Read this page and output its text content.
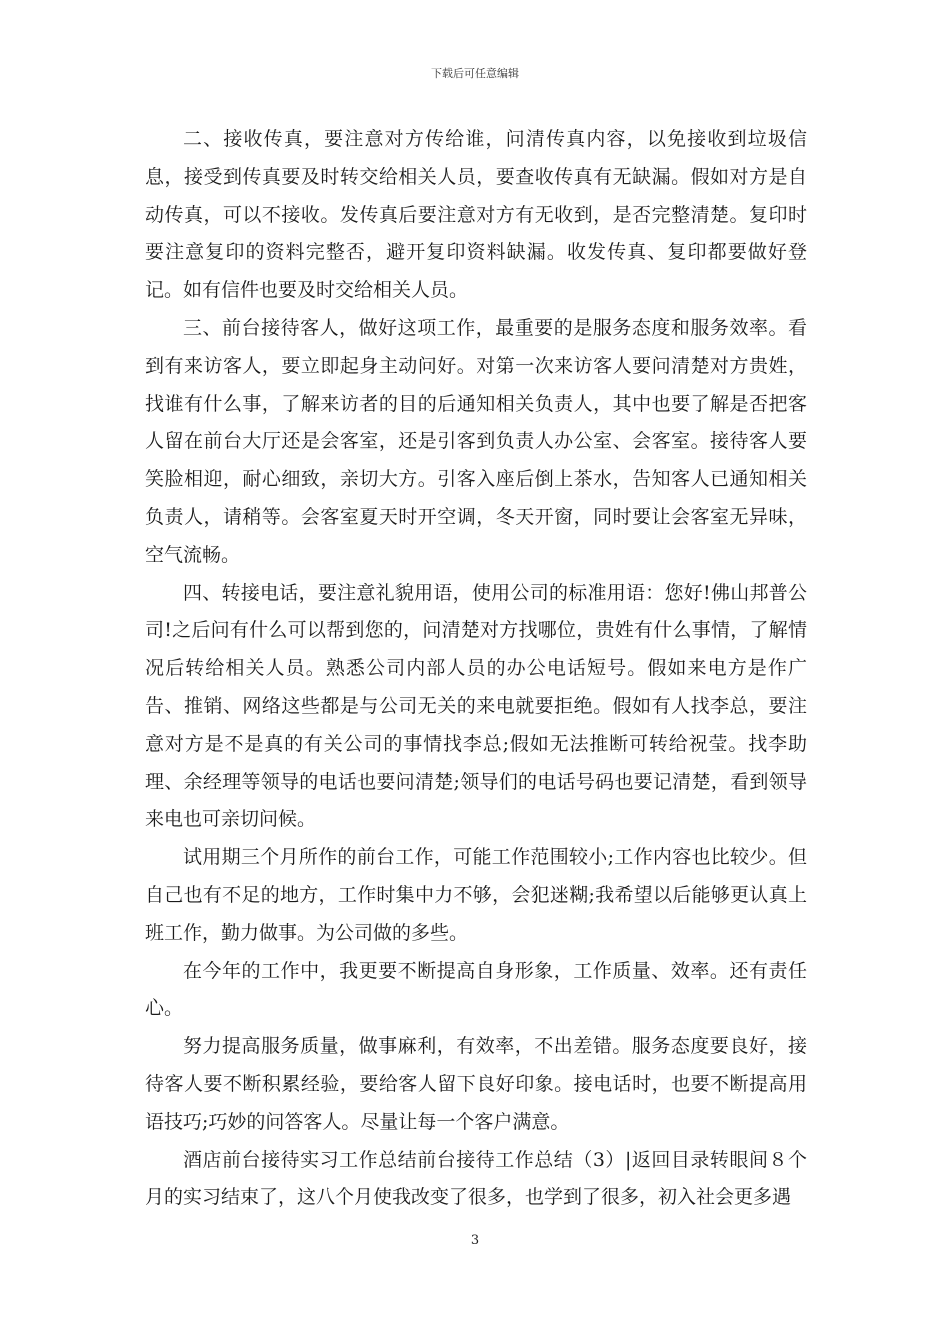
下载后可任意编辑

二、接收传真，要注意对方传给谁，问清传真内容，以免接收到垃圾信息，接受到传真要及时转交给相关人员，要查收传真有无缺漏。假如对方是自动传真，可以不接收。发传真后要注意对方有无收到，是否完整清楚。复印时要注意复印的资料完整否，避开复印资料缺漏。收发传真、复印都要做好登记。如有信件也要及时交给相关人员。

三、前台接待客人，做好这项工作，最重要的是服务态度和服务效率。看到有来访客人，要立即起身主动问好。对第一次来访客人要问清楚对方贵姓，找谁有什么事，了解来访者的目的后通知相关负责人，其中也要了解是否把客人留在前台大厅还是会客室，还是引客到负责人办公室、会客室。接待客人要笑脸相迎，耐心细致，亲切大方。引客入座后倒上茶水，告知客人已通知相关负责人，请稍等。会客室夏天时开空调，冬天开窗，同时要让会客室无异味，空气流畅。

四、转接电话，要注意礼貌用语，使用公司的标准用语：您好!佛山邦普公司!之后问有什么可以帮到您的，问清楚对方找哪位，贵姓有什么事情，了解情况后转给相关人员。熟悉公司内部人员的办公电话短号。假如来电方是作广告、推销、网络这些都是与公司无关的来电就要拒绝。假如有人找李总，要注意对方是不是真的有关公司的事情找李总;假如无法推断可转给祝莹。找李助理、余经理等领导的电话也要问清楚;领导们的电话号码也要记清楚，看到领导来电也可亲切问候。

试用期三个月所作的前台工作，可能工作范围较小;工作内容也比较少。但自己也有不足的地方，工作时集中力不够，会犯迷糊;我希望以后能够更认真上班工作，勤力做事。为公司做的多些。

在今年的工作中，我更要不断提高自身形象，工作质量、效率。还有责任心。

努力提高服务质量，做事麻利，有效率，不出差错。服务态度要良好，接待客人要不断积累经验，要给客人留下良好印象。接电话时，也要不断提高用语技巧;巧妙的问答客人。尽量让每一个客户满意。

酒店前台接待实习工作总结前台接待工作总结（3）|返回目录转眼间８个月的实习结束了，这八个月使我改变了很多，也学到了很多，初入社会更多遇

3
